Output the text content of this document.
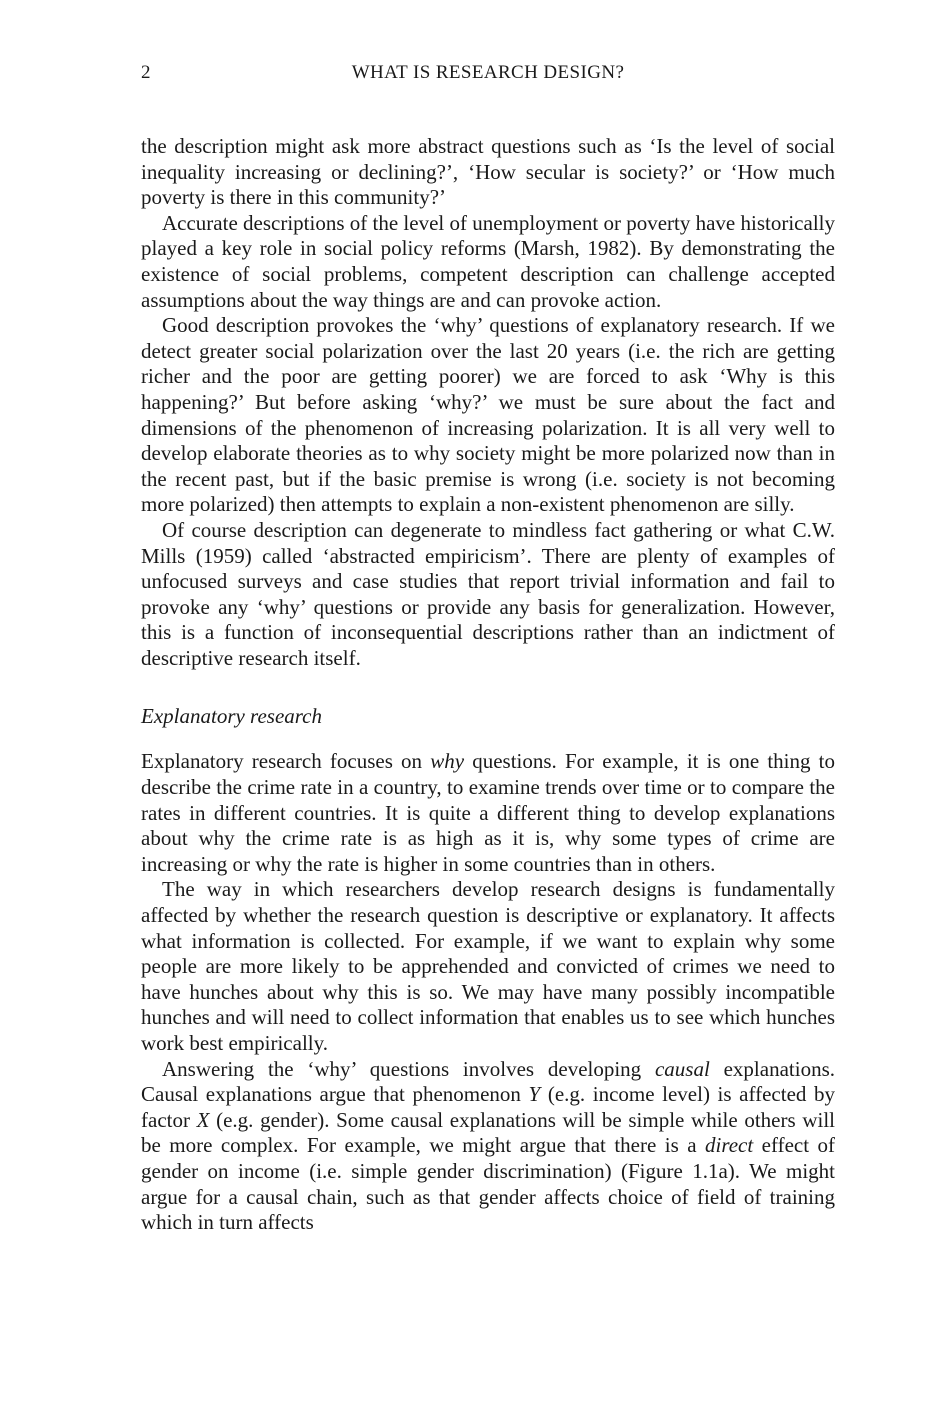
2	WHAT IS RESEARCH DESIGN?

the description might ask more abstract questions such as ‘Is the level of social inequality increasing or declining?’, ‘How secular is society?’ or ‘How much poverty is there in this community?’

Accurate descriptions of the level of unemployment or poverty have historically played a key role in social policy reforms (Marsh, 1982). By demonstrating the existence of social problems, competent description can challenge accepted assumptions about the way things are and can provoke action.

Good description provokes the ‘why’ questions of explanatory research. If we detect greater social polarization over the last 20 years (i.e. the rich are getting richer and the poor are getting poorer) we are forced to ask ‘Why is this happening?’ But before asking ‘why?’ we must be sure about the fact and dimensions of the phenomenon of increasing polarization. It is all very well to develop elaborate theories as to why society might be more polarized now than in the recent past, but if the basic premise is wrong (i.e. society is not becoming more polarized) then attempts to explain a non-existent phenomenon are silly.

Of course description can degenerate to mindless fact gathering or what C.W. Mills (1959) called ‘abstracted empiricism’. There are plenty of examples of unfocused surveys and case studies that report trivial information and fail to provoke any ‘why’ questions or provide any basis for generalization. However, this is a function of inconsequential descriptions rather than an indictment of descriptive research itself.

Explanatory research

Explanatory research focuses on why questions. For example, it is one thing to describe the crime rate in a country, to examine trends over time or to compare the rates in different countries. It is quite a different thing to develop explanations about why the crime rate is as high as it is, why some types of crime are increasing or why the rate is higher in some countries than in others.

The way in which researchers develop research designs is fundamentally affected by whether the research question is descriptive or explanatory. It affects what information is collected. For example, if we want to explain why some people are more likely to be apprehended and convicted of crimes we need to have hunches about why this is so. We may have many possibly incompatible hunches and will need to collect information that enables us to see which hunches work best empirically.

Answering the ‘why’ questions involves developing causal explanations. Causal explanations argue that phenomenon Y (e.g. income level) is affected by factor X (e.g. gender). Some causal explanations will be simple while others will be more complex. For example, we might argue that there is a direct effect of gender on income (i.e. simple gender discrimination) (Figure 1.1a). We might argue for a causal chain, such as that gender affects choice of field of training which in turn affects
